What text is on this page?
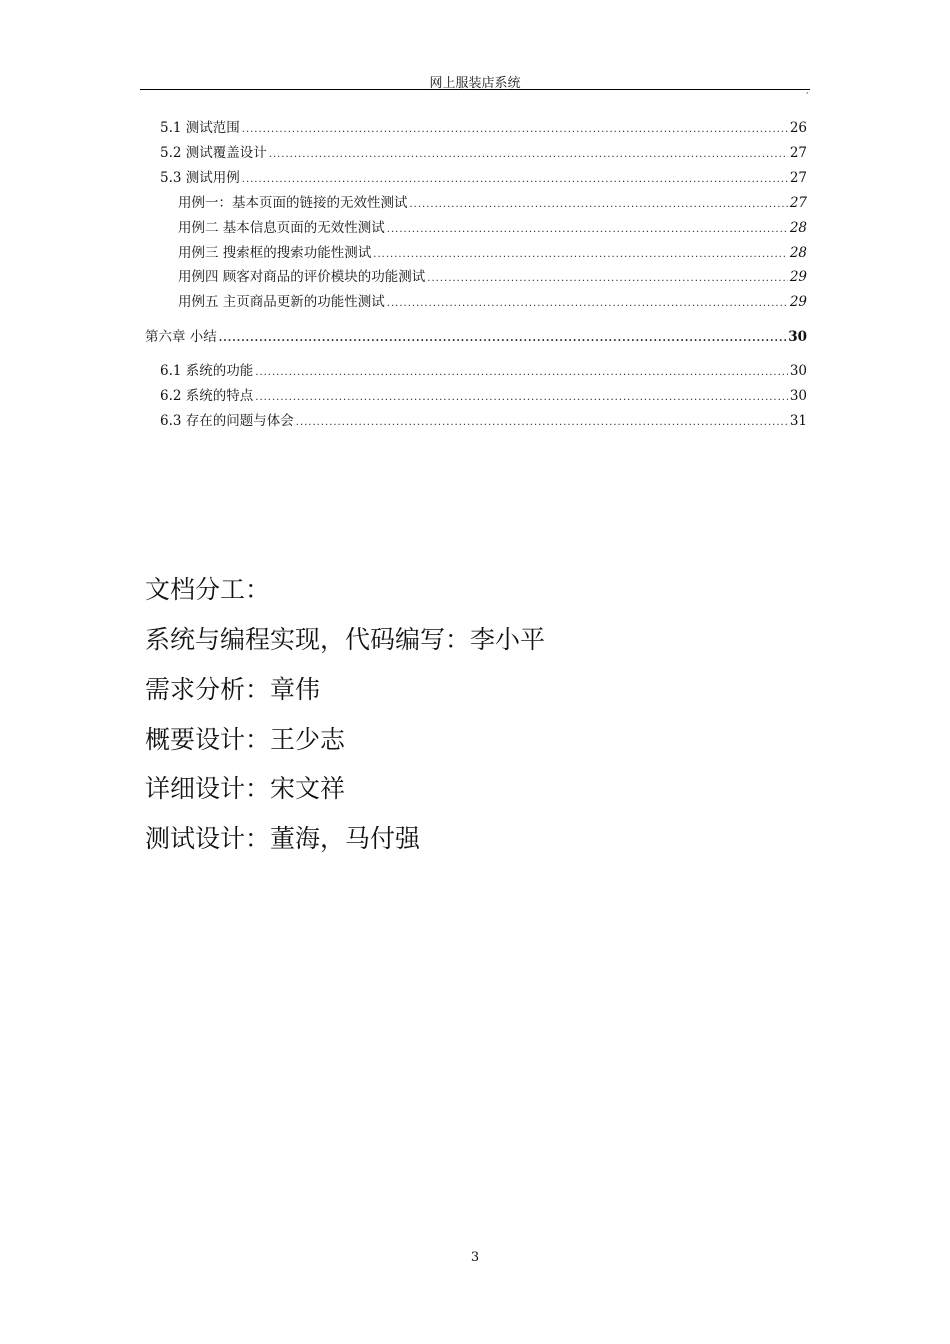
网上服装店系统	,
5.1 测试范围 .....	26
5.2 测试覆盖设计 .....	27
5.3 测试用例 .....	27
用例一：基本页面的链接的无效性测试 .....	27
用例二 基本信息页面的无效性测试 .....	28
用例三 搜索框的搜索功能性测试 .....	28
用例四 顾客对商品的评价模块的功能测试 .....	29
用例五 主页商品更新的功能性测试 .....	29
第六章 小结 .....	30
6.1 系统的功能 .....	30
6.2 系统的特点 .....	30
6.3 存在的问题与体会 .....	31
文档分工：
系统与编程实现，代码编写：李小平
需求分析：章伟
概要设计：王少志
详细设计：宋文祥
测试设计：董海，马付强
3
